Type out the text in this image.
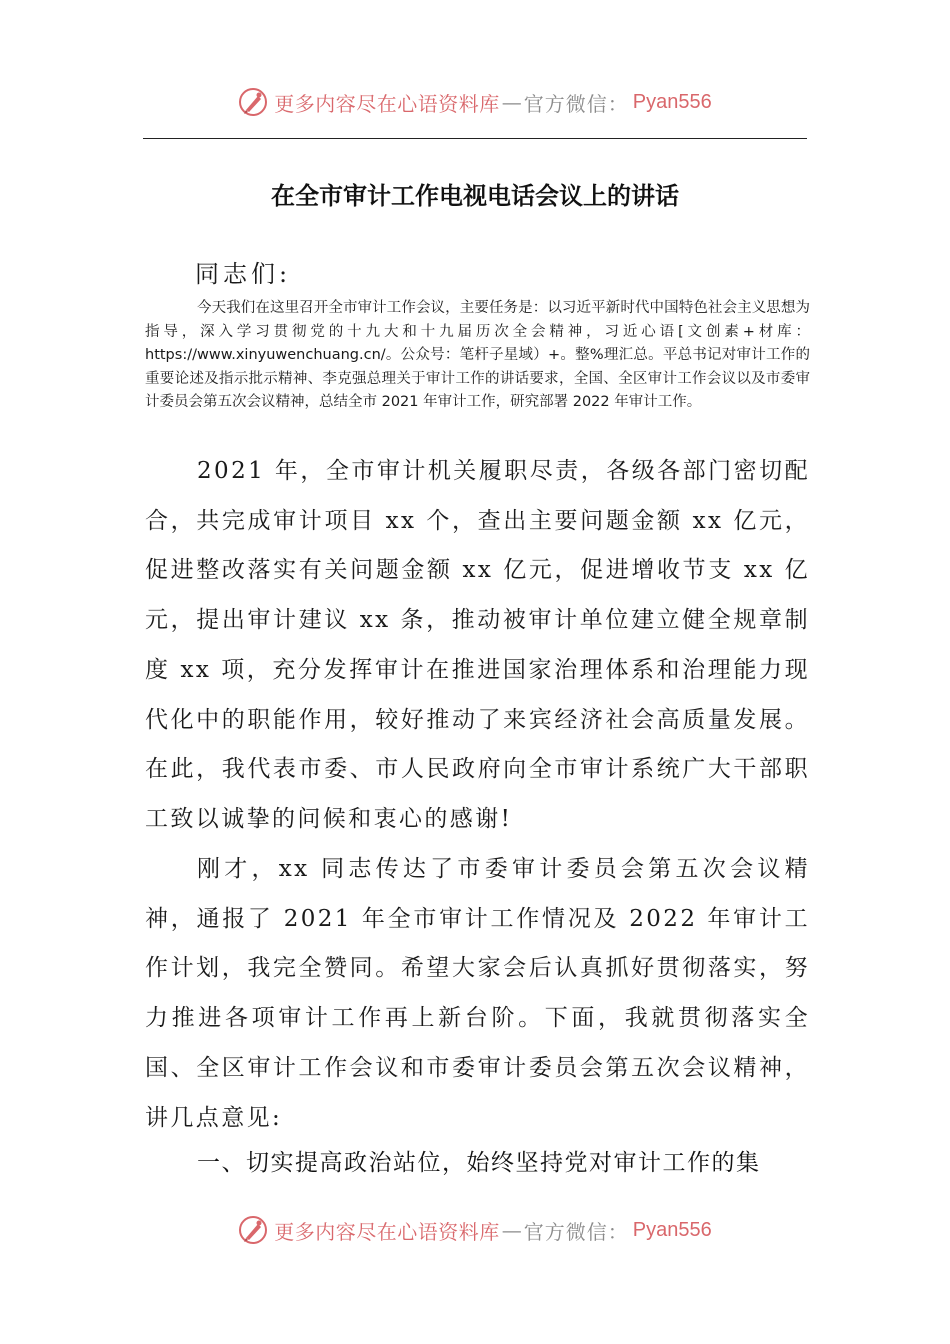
更多内容尽在心语资料库 — 官方微信： Pyan556
在全市审计工作电视电话会议上的讲话
同志们:
今天我们在这里召开全市审计工作会议，主要任务是：以习近平新时代中国特色社会主义思想为指导，深入学习贯彻党的十九大和十九届历次全会精神，习近心语[文创素+材库：https://www.xinyuwenchuang.cn/。公众号：笔杆子星域）+。整%理汇总。平总书记对审计工作的重要论述及指示批示精神、李克强总理关于审计工作的讲话要求，全国、全区审计工作会议以及市委审计委员会第五次会议精神，总结全市 2021 年审计工作，研究部署 2022 年审计工作。
2021 年，全市审计机关履职尽责，各级各部门密切配合，共完成审计项目 xx 个，查出主要问题金额 xx 亿元，促进整改落实有关问题金额 xx 亿元，促进增收节支 xx 亿元，提出审计建议 xx 条，推动被审计单位建立健全规章制度 xx 项，充分发挥审计在推进国家治理体系和治理能力现代化中的职能作用，较好推动了来宾经济社会高质量发展。在此，我代表市委、市人民政府向全市审计系统广大干部职工致以诚挚的问候和衷心的感谢!
刚才，xx 同志传达了市委审计委员会第五次会议精神，通报了 2021 年全市审计工作情况及 2022 年审计工作计划，我完全赞同。希望大家会后认真抓好贯彻落实，努力推进各项审计工作再上新台阶。下面，我就贯彻落实全国、全区审计工作会议和市委审计委员会第五次会议精神，讲几点意见:
一、切实提高政治站位，始终坚持党对审计工作的集
更多内容尽在心语资料库 — 官方微信： Pyan556
